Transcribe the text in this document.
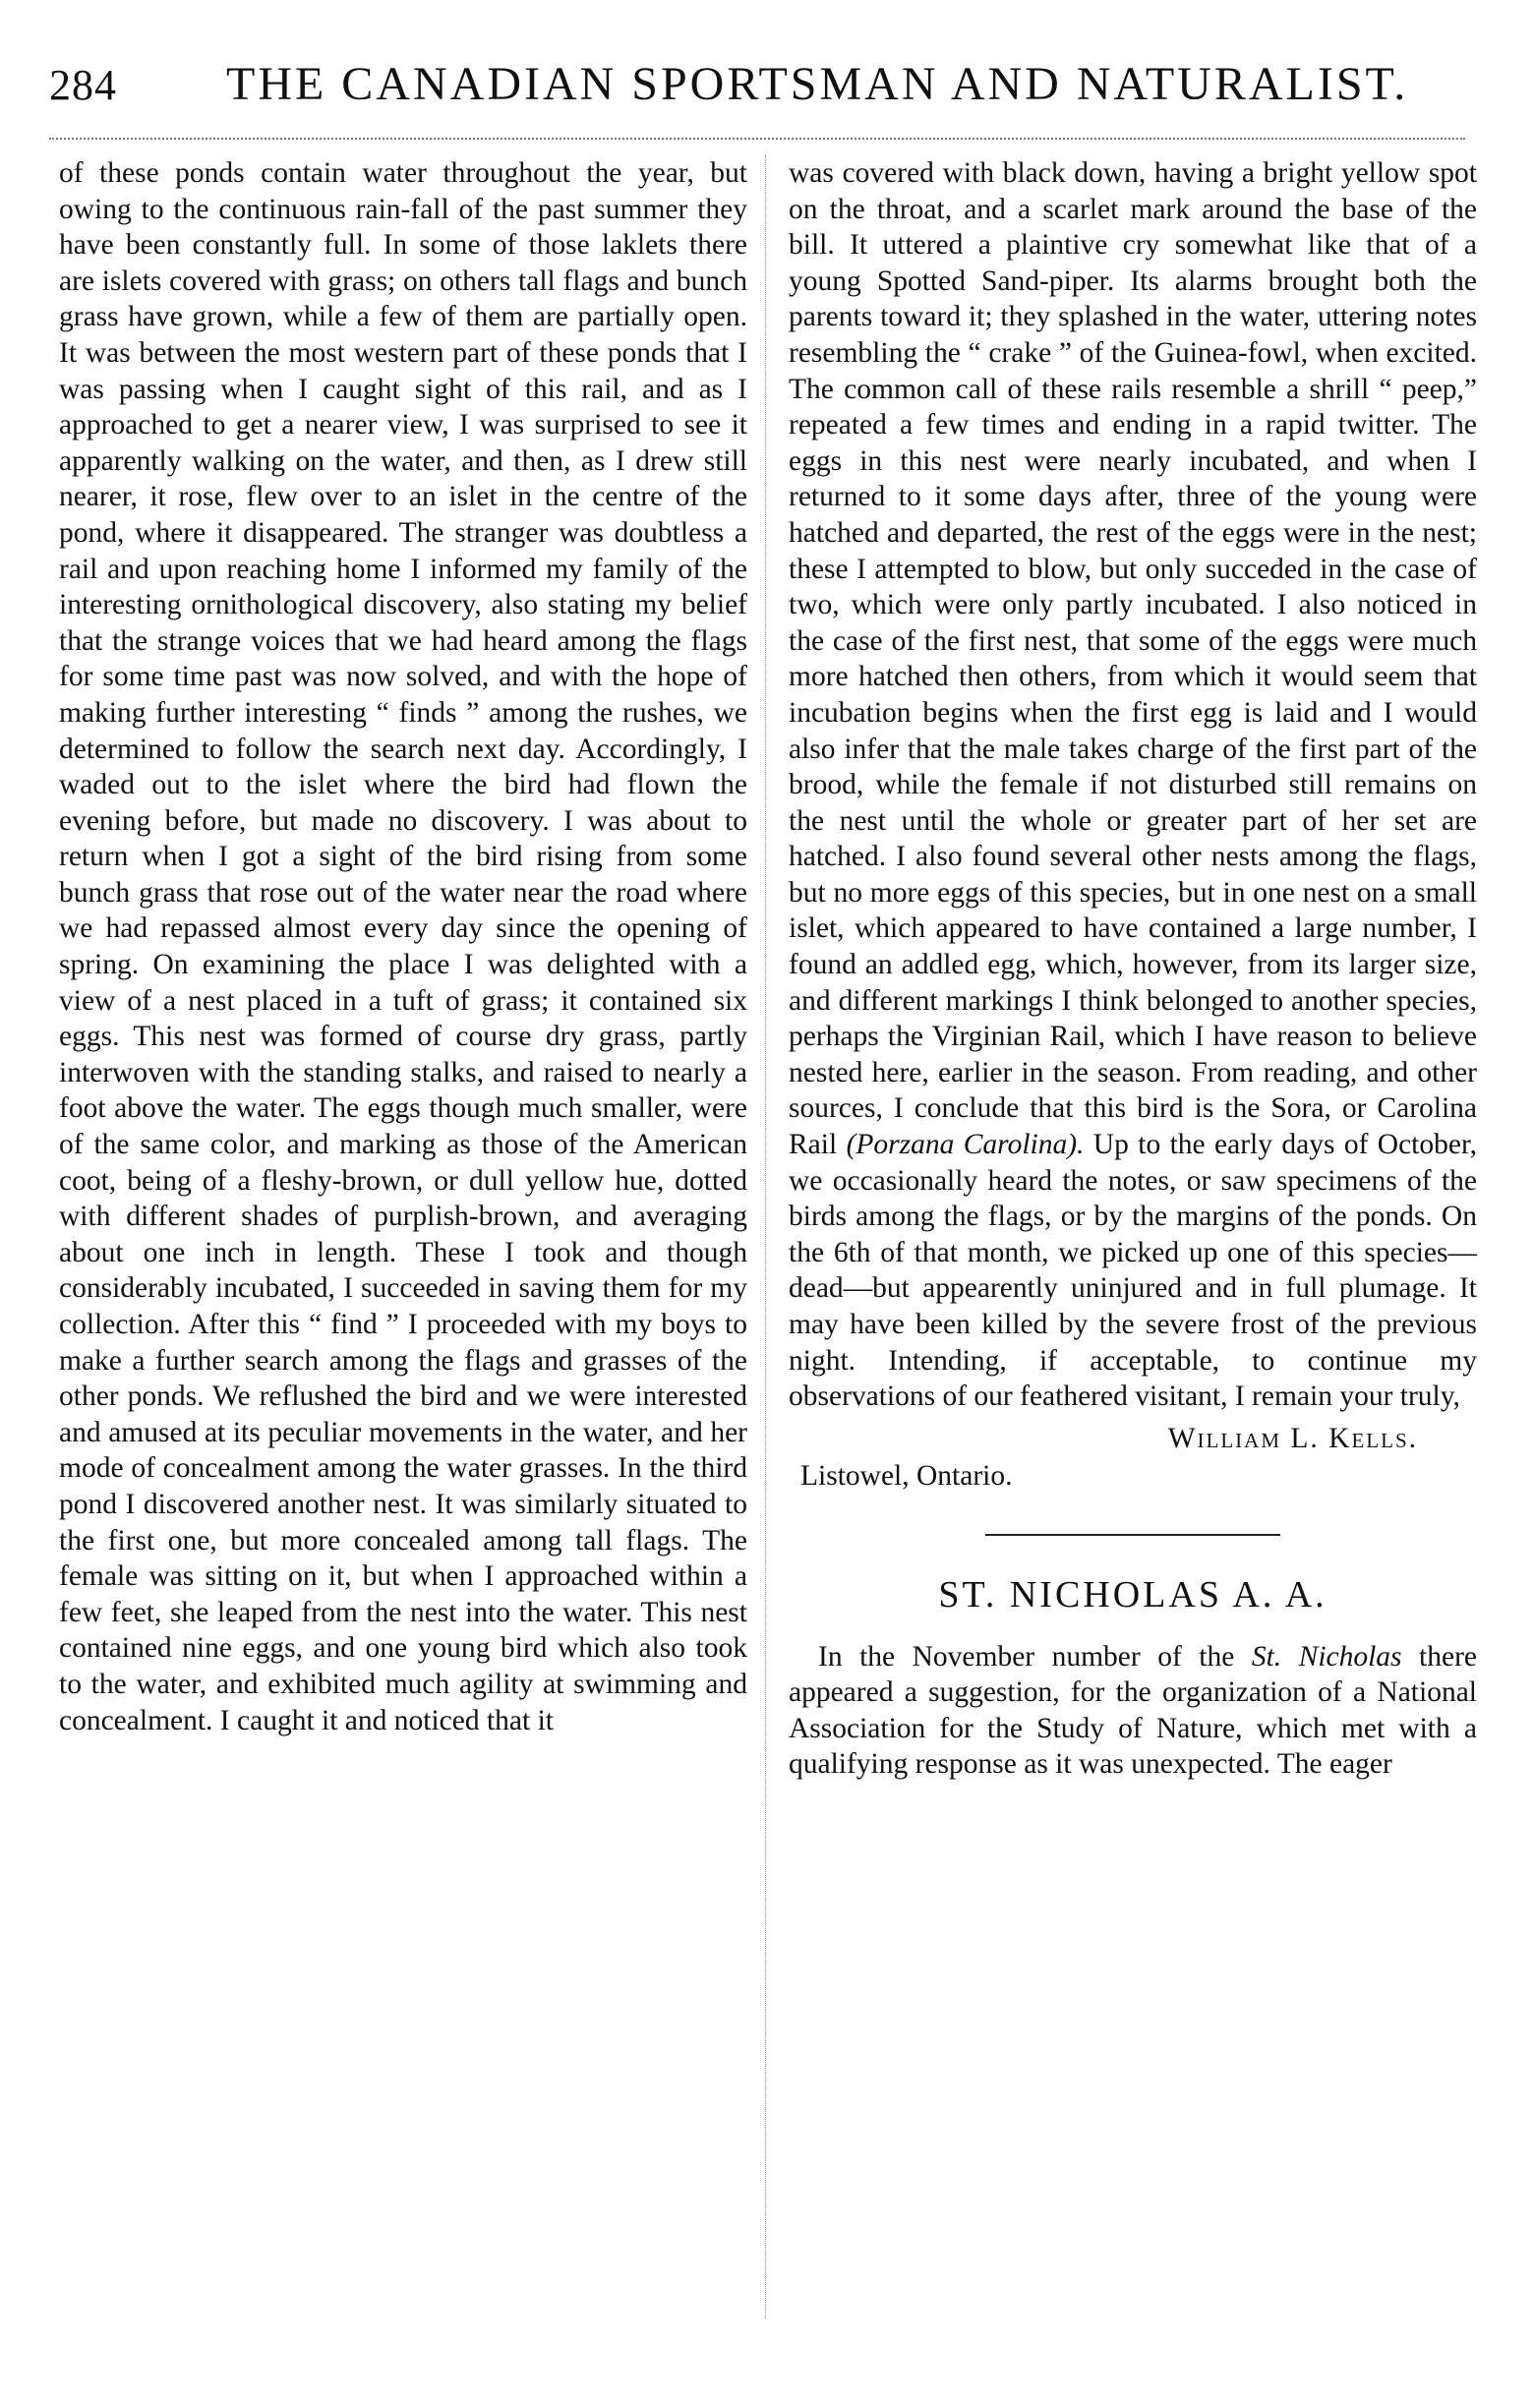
284	THE CANADIAN SPORTSMAN AND NATURALIST.

of these ponds contain water throughout the year, but owing to the continuous rain-fall of the past summer they have been constantly full. In some of those laklets there are islets covered with grass; on others tall flags and bunch grass have grown, while a few of them are partially open. It was between the most western part of these ponds that I was passing when I caught sight of this rail, and as I approached to get a nearer view, I was surprised to see it apparently walking on the water, and then, as I drew still nearer, it rose, flew over to an islet in the centre of the pond, where it disappeared. The stranger was doubtless a rail and upon reaching home I informed my family of the interesting ornithological discovery, also stating my belief that the strange voices that we had heard among the flags for some time past was now solved, and with the hope of making further interesting “ finds ” among the rushes, we determined to follow the search next day. Accordingly, I waded out to the islet where the bird had flown the evening before, but made no discovery. I was about to return when I got a sight of the bird rising from some bunch grass that rose out of the water near the road where we had repassed almost every day since the opening of spring. On examining the place I was delighted with a view of a nest placed in a tuft of grass; it contained six eggs. This nest was formed of course dry grass, partly interwoven with the standing stalks, and raised to nearly a foot above the water. The eggs though much smaller, were of the same color, and marking as those of the American coot, being of a fleshy-brown, or dull yellow hue, dotted with different shades of purplish-brown, and averaging about one inch in length. These I took and though considerably incubated, I succeeded in saving them for my collection. After this “ find ” I proceeded with my boys to make a further search among the flags and grasses of the other ponds. We reflushed the bird and we were interested and amused at its peculiar movements in the water, and her mode of concealment among the water grasses. In the third pond I discovered another nest. It was similarly situated to the first one, but more concealed among tall flags. The female was sitting on it, but when I approached within a few feet, she leaped from the nest into the water. This nest contained nine eggs, and one young bird which also took to the water, and exhibited much agility at swimming and concealment. I caught it and noticed that it

was covered with black down, having a bright yellow spot on the throat, and a scarlet mark around the base of the bill. It uttered a plaintive cry somewhat like that of a young Spotted Sand-piper. Its alarms brought both the parents toward it; they splashed in the water, uttering notes resembling the “ crake ” of the Guinea-fowl, when excited. The common call of these rails resemble a shrill “ peep,” repeated a few times and ending in a rapid twitter. The eggs in this nest were nearly incubated, and when I returned to it some days after, three of the young were hatched and departed, the rest of the eggs were in the nest; these I attempted to blow, but only succeded in the case of two, which were only partly incubated. I also noticed in the case of the first nest, that some of the eggs were much more hatched then others, from which it would seem that incubation begins when the first egg is laid and I would also infer that the male takes charge of the first part of the brood, while the female if not disturbed still remains on the nest until the whole or greater part of her set are hatched. I also found several other nests among the flags, but no more eggs of this species, but in one nest on a small islet, which appeared to have contained a large number, I found an addled egg, which, however, from its larger size, and different markings I think belonged to another species, perhaps the Virginian Rail, which I have reason to believe nested here, earlier in the season. From reading, and other sources, I conclude that this bird is the Sora, or Carolina Rail (Porzana Carolina). Up to the early days of October, we occasionally heard the notes, or saw specimens of the birds among the flags, or by the margins of the ponds. On the 6th of that month, we picked up one of this species—dead—but appearently uninjured and in full plumage. It may have been killed by the severe frost of the previous night. Intending, if acceptable, to continue my observations of our feathered visitant, I remain your truly,

William L. Kells.

Listowel, Ontario.

ST. NICHOLAS A. A.

In the November number of the St. Nicholas there appeared a suggestion, for the organization of a National Association for the Study of Nature, which met with a qualifying response as it was unexpected. The eager
